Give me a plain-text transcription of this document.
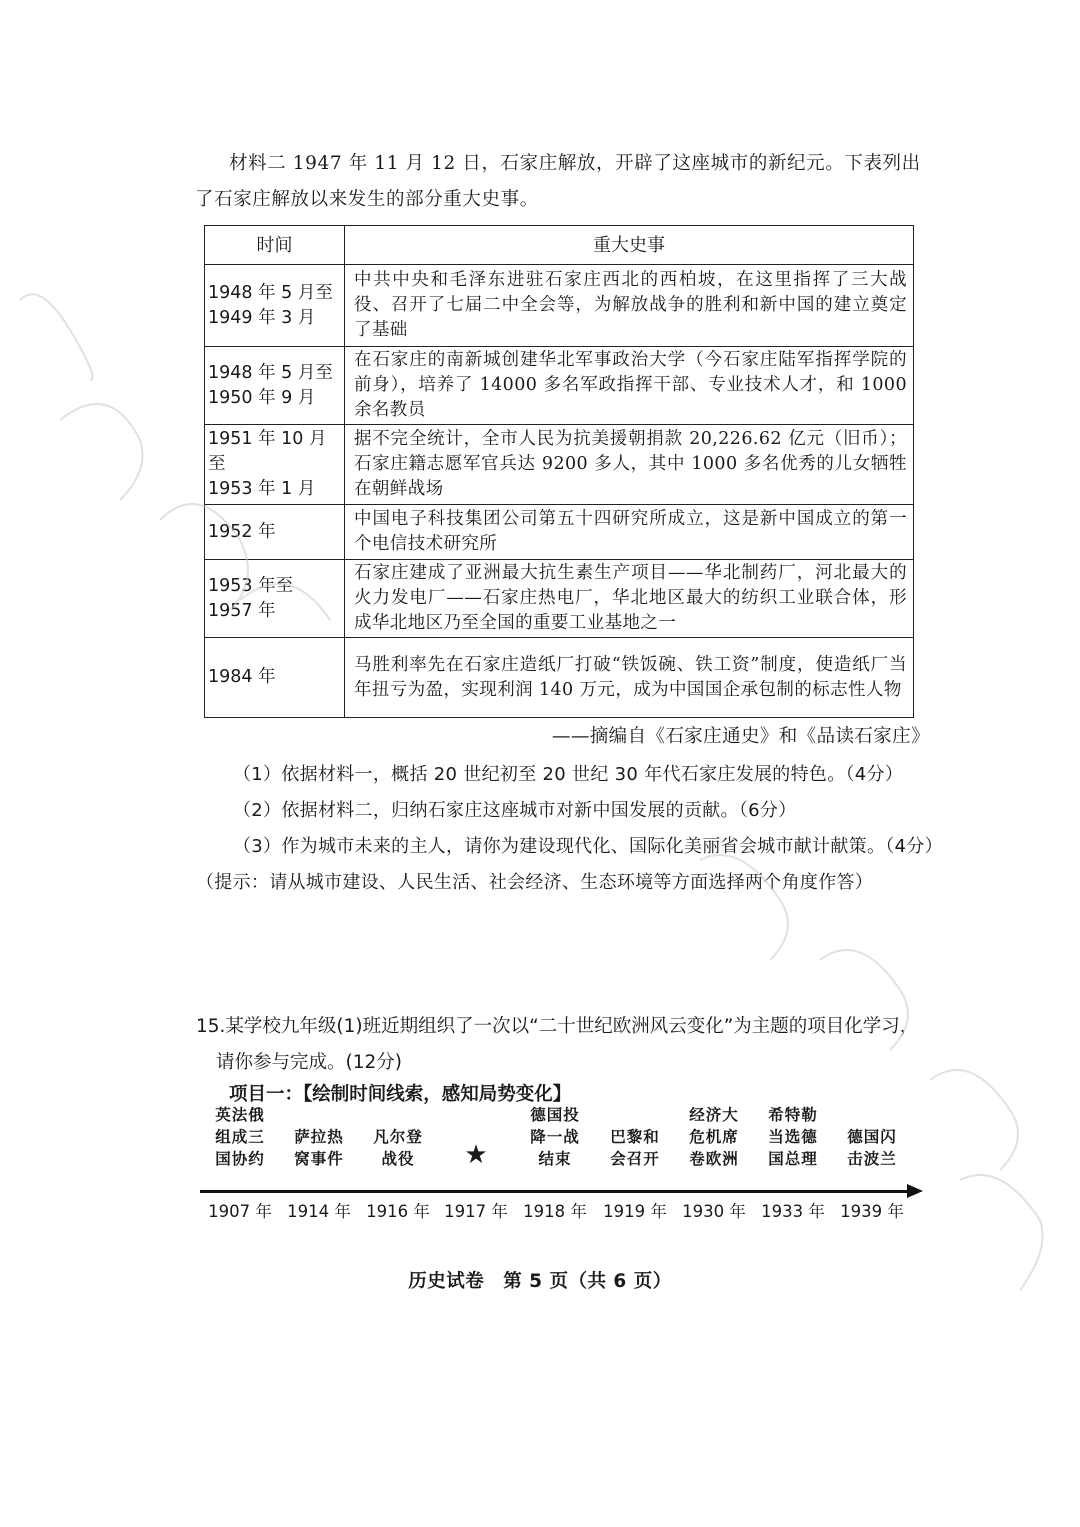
材料二 1947 年 11 月 12 日，石家庄解放，开辟了这座城市的新纪元。下表列出了石家庄解放以来发生的部分重大史事。
时间	重大史事
1948 年 5 月至
1949 年 3 月	中共中央和毛泽东进驻石家庄西北的西柏坡，在这里指挥了三大战役、召开了七届二中全会等，为解放战争的胜利和新中国的建立奠定了基础
1948 年 5 月至
1950 年 9 月	在石家庄的南新城创建华北军事政治大学（今石家庄陆军指挥学院的前身），培养了 14000 多名军政指挥干部、专业技术人才，和 1000 余名教员
1951 年 10 月至
1953 年 1 月	据不完全统计，全市人民为抗美援朝捐款 20,226.62 亿元（旧币）；石家庄籍志愿军官兵达 9200 多人，其中 1000 多名优秀的儿女牺牲在朝鲜战场
1952 年	中国电子科技集团公司第五十四研究所成立，这是新中国成立的第一个电信技术研究所
1953 年至
1957 年	石家庄建成了亚洲最大抗生素生产项目——华北制药厂，河北最大的火力发电厂——石家庄热电厂，华北地区最大的纺织工业联合体，形成华北地区乃至全国的重要工业基地之一
1984 年	马胜利率先在石家庄造纸厂打破“铁饭碗、铁工资”制度，使造纸厂当年扭亏为盈，实现利润 140 万元，成为中国国企承包制的标志性人物
——摘编自《石家庄通史》和《品读石家庄》
（1）依据材料一，概括 20 世纪初至 20 世纪 30 年代石家庄发展的特色。（4分）
（2）依据材料二，归纳石家庄这座城市对新中国发展的贡献。（6分）
（3）作为城市未来的主人，请你为建设现代化、国际化美丽省会城市献计献策。（4分）
（提示：请从城市建设、人民生活、社会经济、生态环境等方面选择两个角度作答）
15.某学校九年级(1)班近期组织了一次以“二十世纪欧洲风云变化”为主题的项目化学习，
请你参与完成。(12分)
项目一：【绘制时间线索，感知局势变化】
英法俄
组成三
国协约
萨拉热
窝事件
凡尔登
战役	★
德国投
降一战
结束
巴黎和
会召开
经济大
危机席
卷欧洲
希特勒
当选德
国总理
德国闪
击波兰
1907 年 1914 年 1916 年 1917 年 1918 年 1919 年 1930 年 1933 年 1939 年
历史试卷　第 5 页（共 6 页）
